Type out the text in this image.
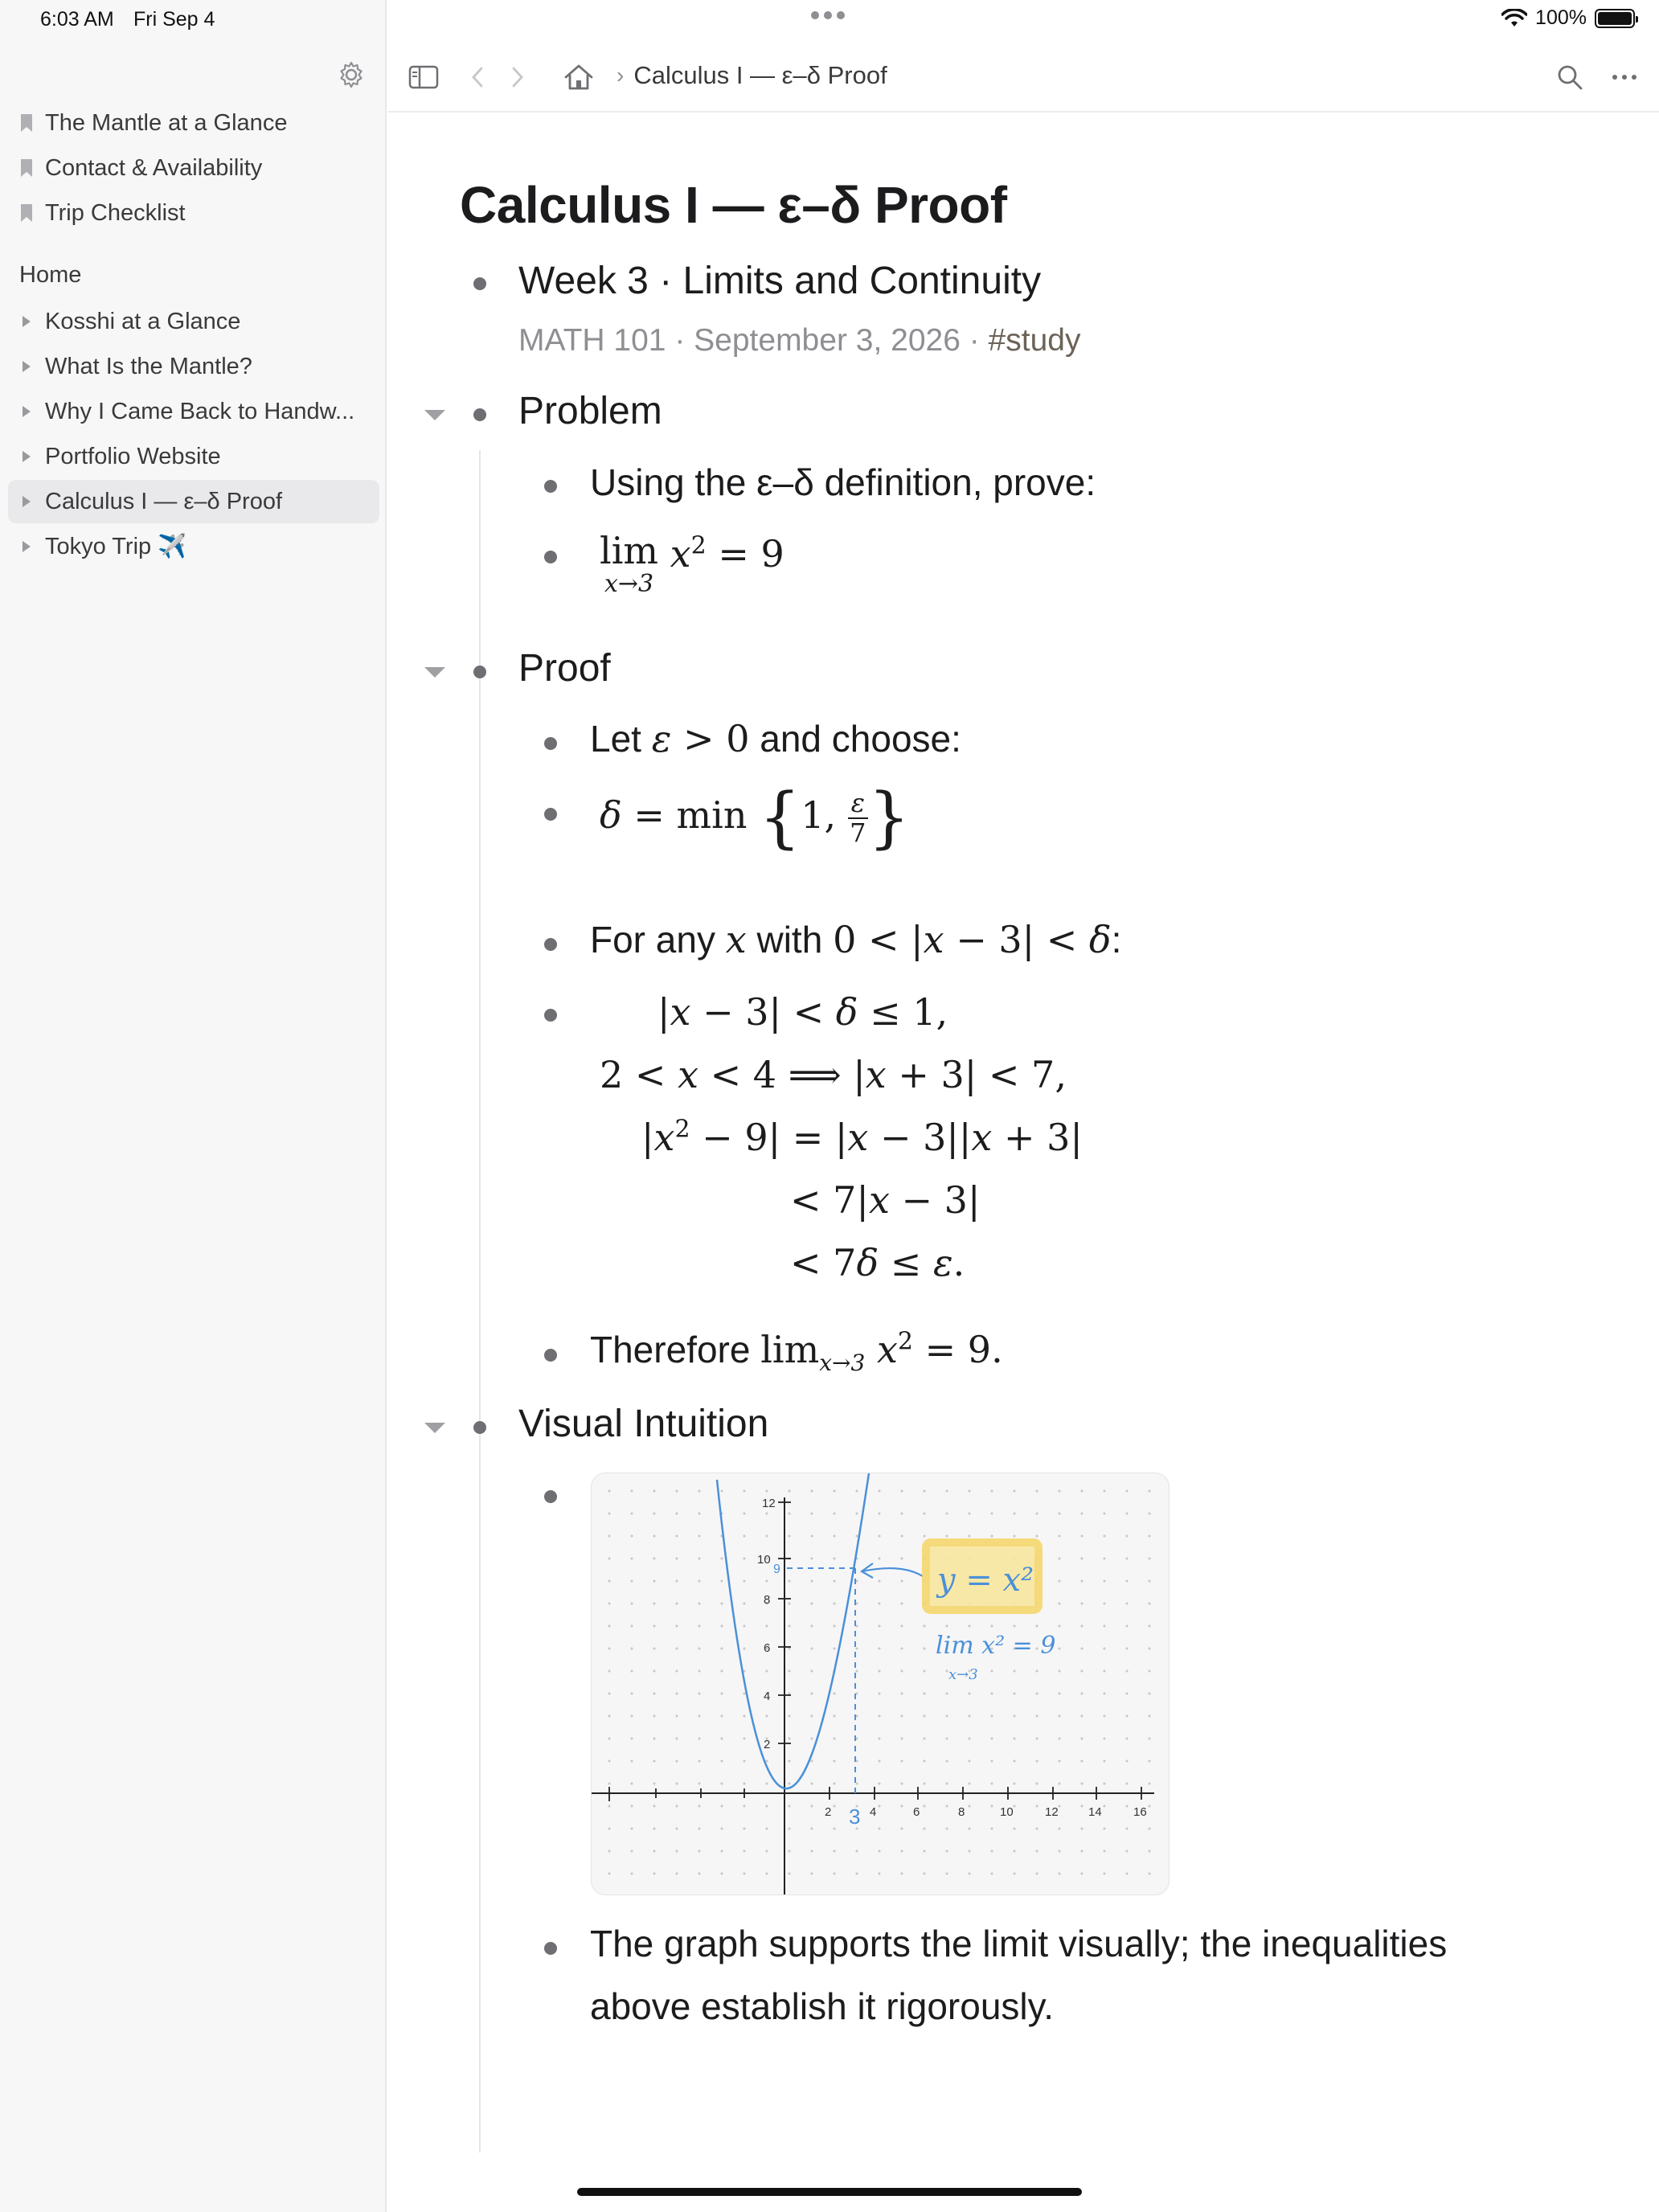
6:03 AM Fri Sep 4	100%
The Mantle at a Glance
Contact & Availability
Trip Checklist
Home
Kosshi at a Glance
What Is the Mantle?
Why I Came Back to Handw...
Portfolio Website
Calculus I — ε–δ Proof
Tokyo Trip ✈️
› Calculus I — ε–δ Proof
Calculus I — ε–δ Proof
Week 3 · Limits and Continuity
MATH 101 · September 3, 2026 · #study
Problem
Using the ε–δ definition, prove:
lim
x→3
$x^2 = 9$
Proof
Let ε > 0 and choose:
δ = min {1, $\frac{\varepsilon}{7}$ }
For any x with 0 < |x − 3| < δ:
|x − 3| < δ ≤ 1,
2 < x < 4 ⟹ |x + 3| < 7,
$|x^2 - 9| = |x - 3||x + 3|$
< 7|x − 3|
< 7δ ≤ ε.
Therefore $\lim_{x\to 3} x^2 = 9$.
Visual Intuition
2
4
6
8
10
12
2	4	6	8	10	12 14	16
9
3
y = x²
lim x² = 9
x→3
The graph supports the limit visually; the inequalities
above establish it rigorously.
